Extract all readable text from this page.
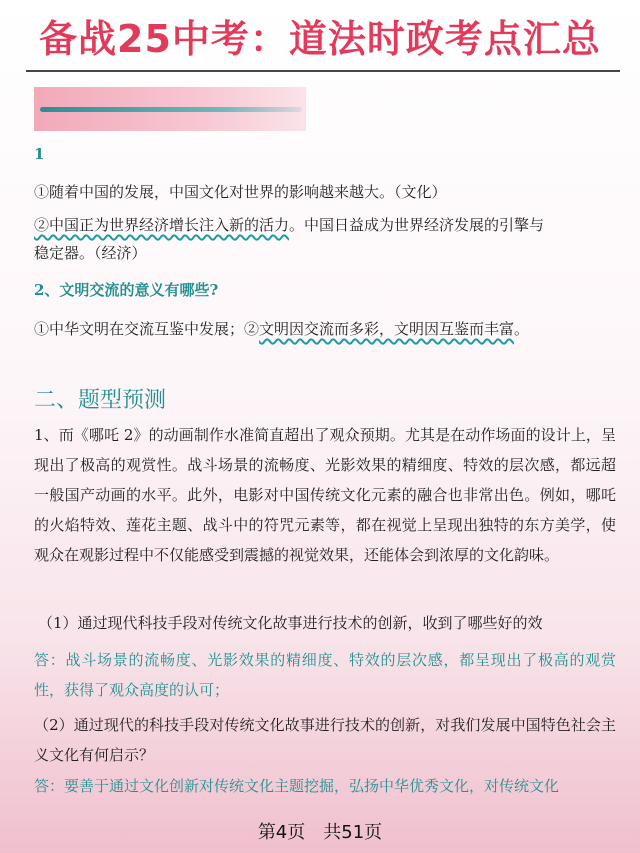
备战25中考：道法时政考点汇总
1
①随着中国的发展，中国文化对世界的影响越来越大。（文化）
②中国正为世界经济增长注入新的活力。中国日益成为世界经济发展的引擎与
稳定器。（经济）
2、文明交流的意义有哪些?
①中华文明在交流互鉴中发展；②文明因交流而多彩，文明因互鉴而丰富。
二、题型预测
1、而《哪吒 2》的动画制作水准简直超出了观众预期。尤其是在动作场面的设计上，呈现出了极高的观赏性。战斗场景的流畅度、光影效果的精细度、特效的层次感，都远超一般国产动画的水平。此外，电影对中国传统文化元素的融合也非常出色。例如，哪吒的火焰特效、莲花主题、战斗中的符咒元素等，都在视觉上呈现出独特的东方美学，使观众在观影过程中不仅能感受到震撼的视觉效果，还能体会到浓厚的文化韵味。
（1）通过现代科技手段对传统文化故事进行技术的创新，收到了哪些好的效
答：战斗场景的流畅度、光影效果的精细度、特效的层次感，都呈现出了极高的观赏性，获得了观众高度的认可；
（2）通过现代的科技手段对传统文化故事进行技术的创新，对我们发展中国特色社会主义文化有何启示？
答：要善于通过文化创新对传统文化主题挖掘，弘扬中华优秀文化，对传统文化
第4页 共51页
